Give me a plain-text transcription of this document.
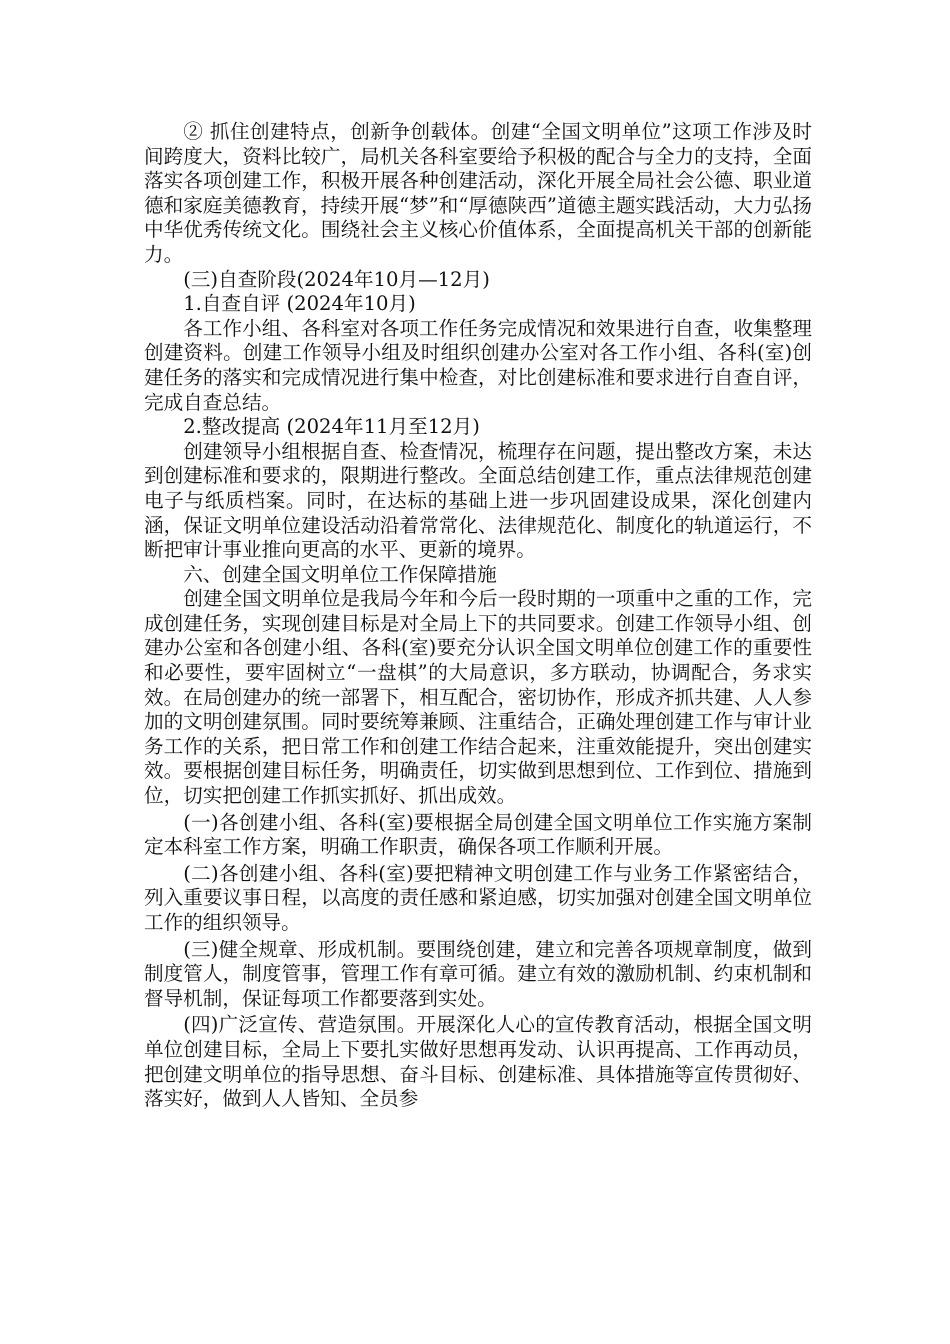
② 抓住创建特点，创新争创载体。创建“全国文明单位”这项工作涉及时间跨度大，资料比较广，局机关各科室要给予积极的配合与全力的支持，全面落实各项创建工作，积极开展各种创建活动，深化开展全局社会公德、职业道德和家庭美德教育，持续开展“梦”和“厚德陕西”道德主题实践活动，大力弘扬中华优秀传统文化。围绕社会主义核心价值体系，全面提高机关干部的创新能力。

(三)自查阶段(2024年10月—12月)

1.自查自评 (2024年10月)

各工作小组、各科室对各项工作任务完成情况和效果进行自查，收集整理创建资料。创建工作领导小组及时组织创建办公室对各工作小组、各科(室)创建任务的落实和完成情况进行集中检查，对比创建标准和要求进行自查自评，完成自查总结。

2.整改提高 (2024年11月至12月)

创建领导小组根据自查、检查情况，梳理存在问题，提出整改方案，未达到创建标准和要求的，限期进行整改。全面总结创建工作，重点法律规范创建电子与纸质档案。同时，在达标的基础上进一步巩固建设成果，深化创建内涵，保证文明单位建设活动沿着常常化、法律规范化、制度化的轨道运行，不断把审计事业推向更高的水平、更新的境界。

六、创建全国文明单位工作保障措施

创建全国文明单位是我局今年和今后一段时期的一项重中之重的工作，完成创建任务，实现创建目标是对全局上下的共同要求。创建工作领导小组、创建办公室和各创建小组、各科(室)要充分认识全国文明单位创建工作的重要性和必要性，要牢固树立“一盘棋”的大局意识，多方联动，协调配合，务求实效。在局创建办的统一部署下，相互配合，密切协作，形成齐抓共建、人人参加的文明创建氛围。同时要统筹兼顾、注重结合，正确处理创建工作与审计业务工作的关系，把日常工作和创建工作结合起来，注重效能提升，突出创建实效。要根据创建目标任务，明确责任，切实做到思想到位、工作到位、措施到位，切实把创建工作抓实抓好、抓出成效。

(一)各创建小组、各科(室)要根据全局创建全国文明单位工作实施方案制定本科室工作方案，明确工作职责，确保各项工作顺利开展。

(二)各创建小组、各科(室)要把精神文明创建工作与业务工作紧密结合，列入重要议事日程，以高度的责任感和紧迫感，切实加强对创建全国文明单位工作的组织领导。

(三)健全规章、形成机制。要围绕创建，建立和完善各项规章制度，做到制度管人，制度管事，管理工作有章可循。建立有效的激励机制、约束机制和督导机制，保证每项工作都要落到实处。

(四)广泛宣传、营造氛围。开展深化人心的宣传教育活动，根据全国文明单位创建目标，全局上下要扎实做好思想再发动、认识再提高、工作再动员，把创建文明单位的指导思想、奋斗目标、创建标准、具体措施等宣传贯彻好、落实好，做到人人皆知、全员参
